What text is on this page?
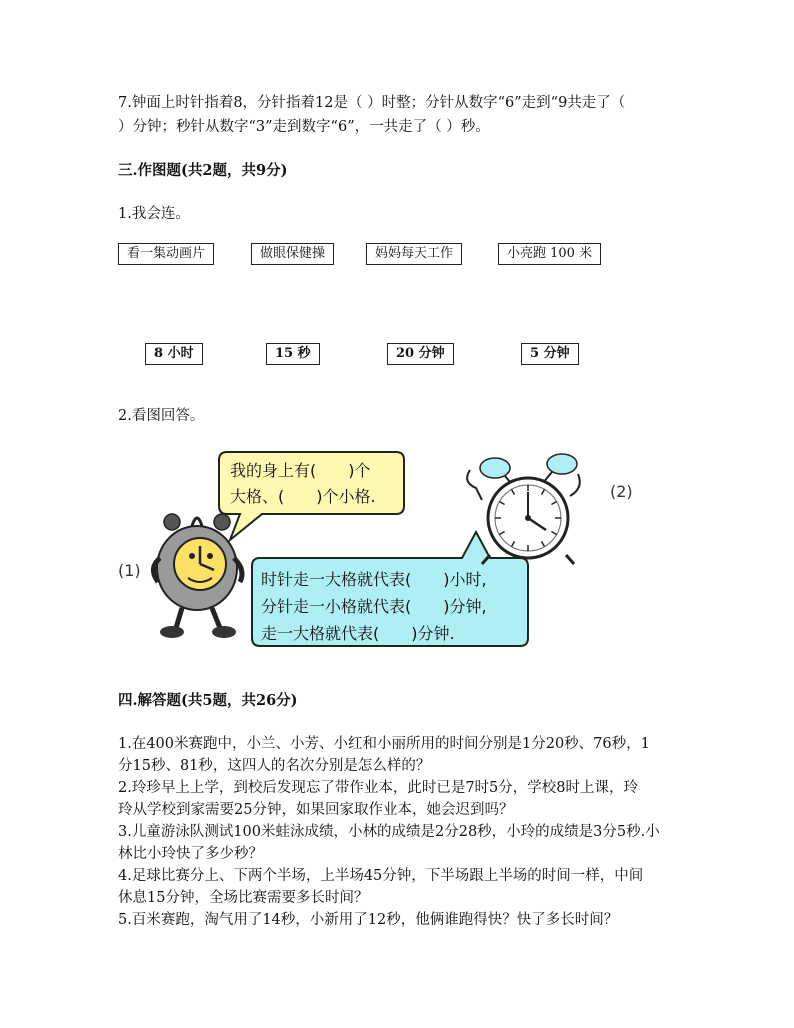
7.钟面上时针指着8，分针指着12是（ ）时整；分针从数字“6”走到“9共走了（
）分钟；秒针从数字“3”走到数字“6”，一共走了（ ）秒。
三.作图题(共2题，共9分)
1.我会连。
看一集动画片	做眼保健操	妈妈每天工作	小亮跑 100 米
8 小时	15 秒	20 分钟	5 分钟
2.看图回答。
我的身上有(　　)个
大格、(　　)个小格.
时针走一大格就代表(　　)小时,
分针走一小格就代表(　　)分钟,
走一大格就代表(　　)分钟.
(1)
(2)
四.解答题(共5题，共26分)
1.在400米赛跑中，小兰、小芳、小红和小丽所用的时间分别是1分20秒、76秒，1
分15秒、81秒，这四人的名次分别是怎么样的？
2.玲珍早上上学，到校后发现忘了带作业本，此时已是7时5分，学校8时上课，玲
玲从学校到家需要25分钟，如果回家取作业本，她会迟到吗？
3.儿童游泳队测试100米蛙泳成绩，小林的成绩是2分28秒，小玲的成绩是3分5秒.小
林比小玲快了多少秒？
4.足球比赛分上、下两个半场，上半场45分钟，下半场跟上半场的时间一样，中间
休息15分钟，全场比赛需要多长时间？
5.百米赛跑，淘气用了14秒，小新用了12秒，他俩谁跑得快？快了多长时间？
